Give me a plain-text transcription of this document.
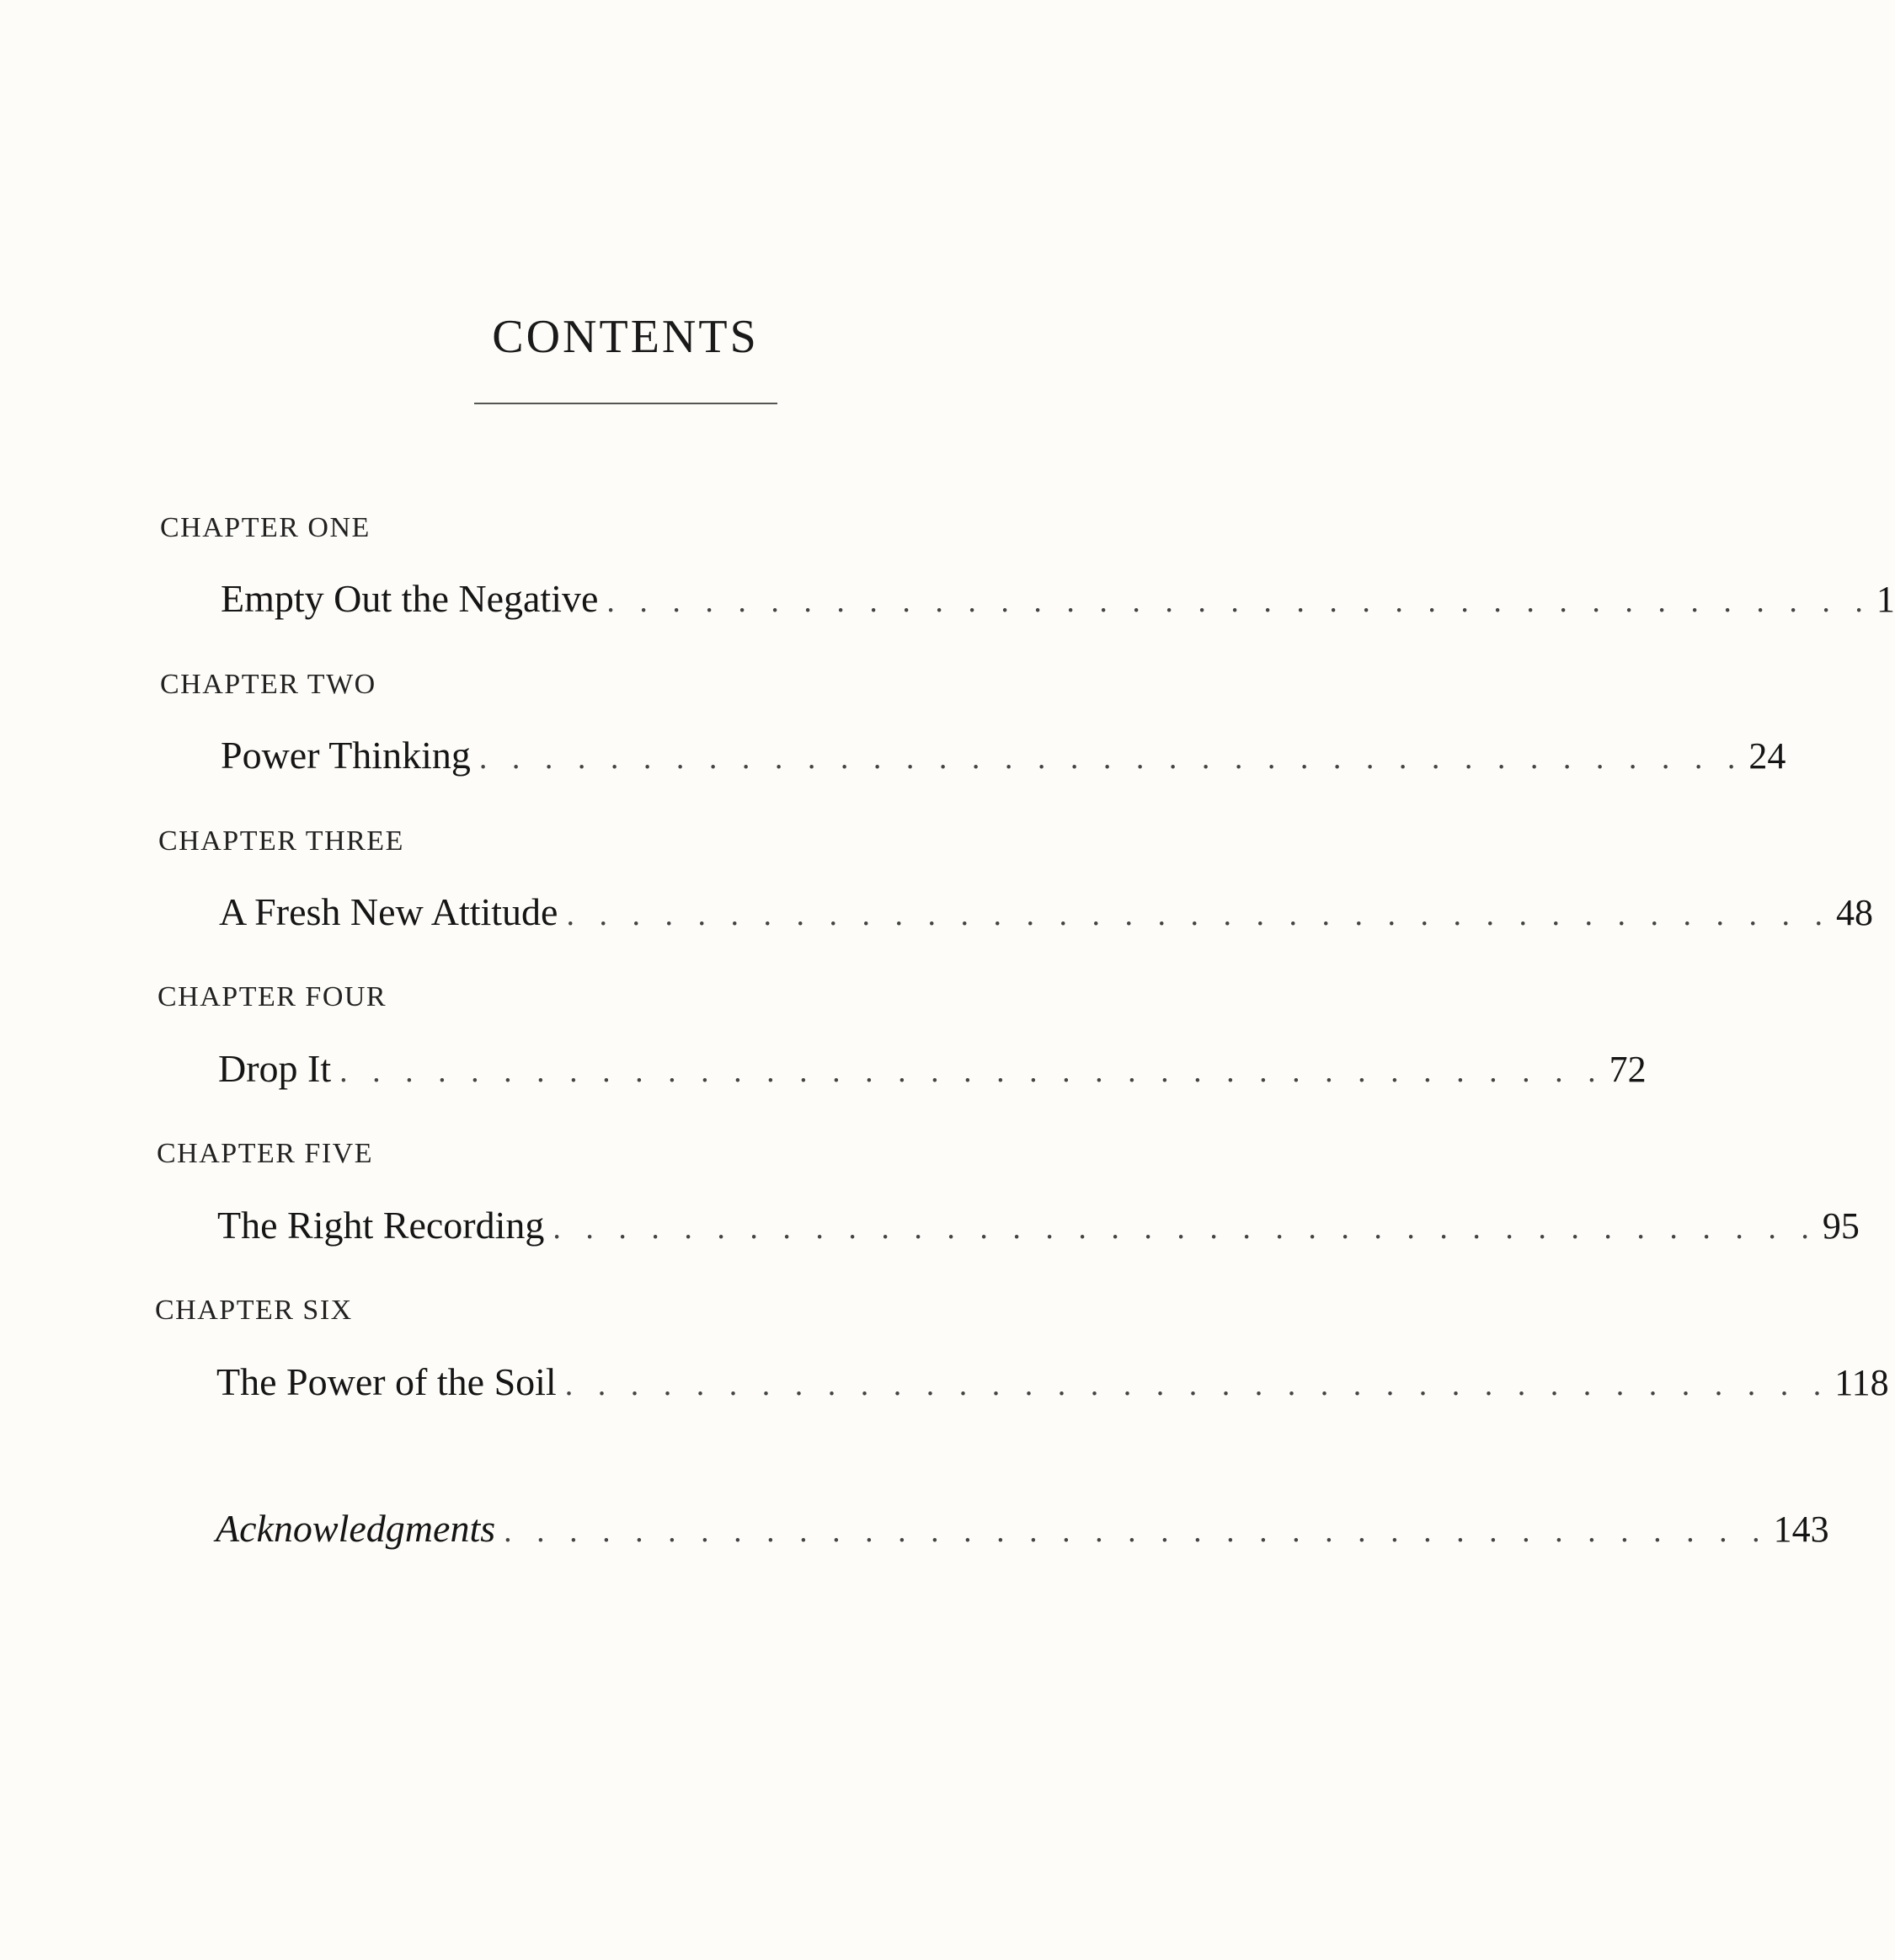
CONTENTS
CHAPTER ONE
Empty Out the Negative . . . . . . . . . . . . . . . . . . . . . . . . . . . . . . . . . . . . . . . 1
CHAPTER TWO
Power Thinking . . . . . . . . . . . . . . . . . . . . . . . . . . . . . . . . . . . . . . . 24
CHAPTER THREE
A Fresh New Attitude . . . . . . . . . . . . . . . . . . . . . . . . . . . . . . . . . . . . . . . 48
CHAPTER FOUR
Drop It . . . . . . . . . . . . . . . . . . . . . . . . . . . . . . . . . . . . . . . 72
CHAPTER FIVE
The Right Recording . . . . . . . . . . . . . . . . . . . . . . . . . . . . . . . . . . . . . . . 95
CHAPTER SIX
The Power of the Soil . . . . . . . . . . . . . . . . . . . . . . . . . . . . . . . . . . . . . . . 118
Acknowledgments . . . . . . . . . . . . . . . . . . . . . . . . . . . . . . . . . . . . . . . 143
